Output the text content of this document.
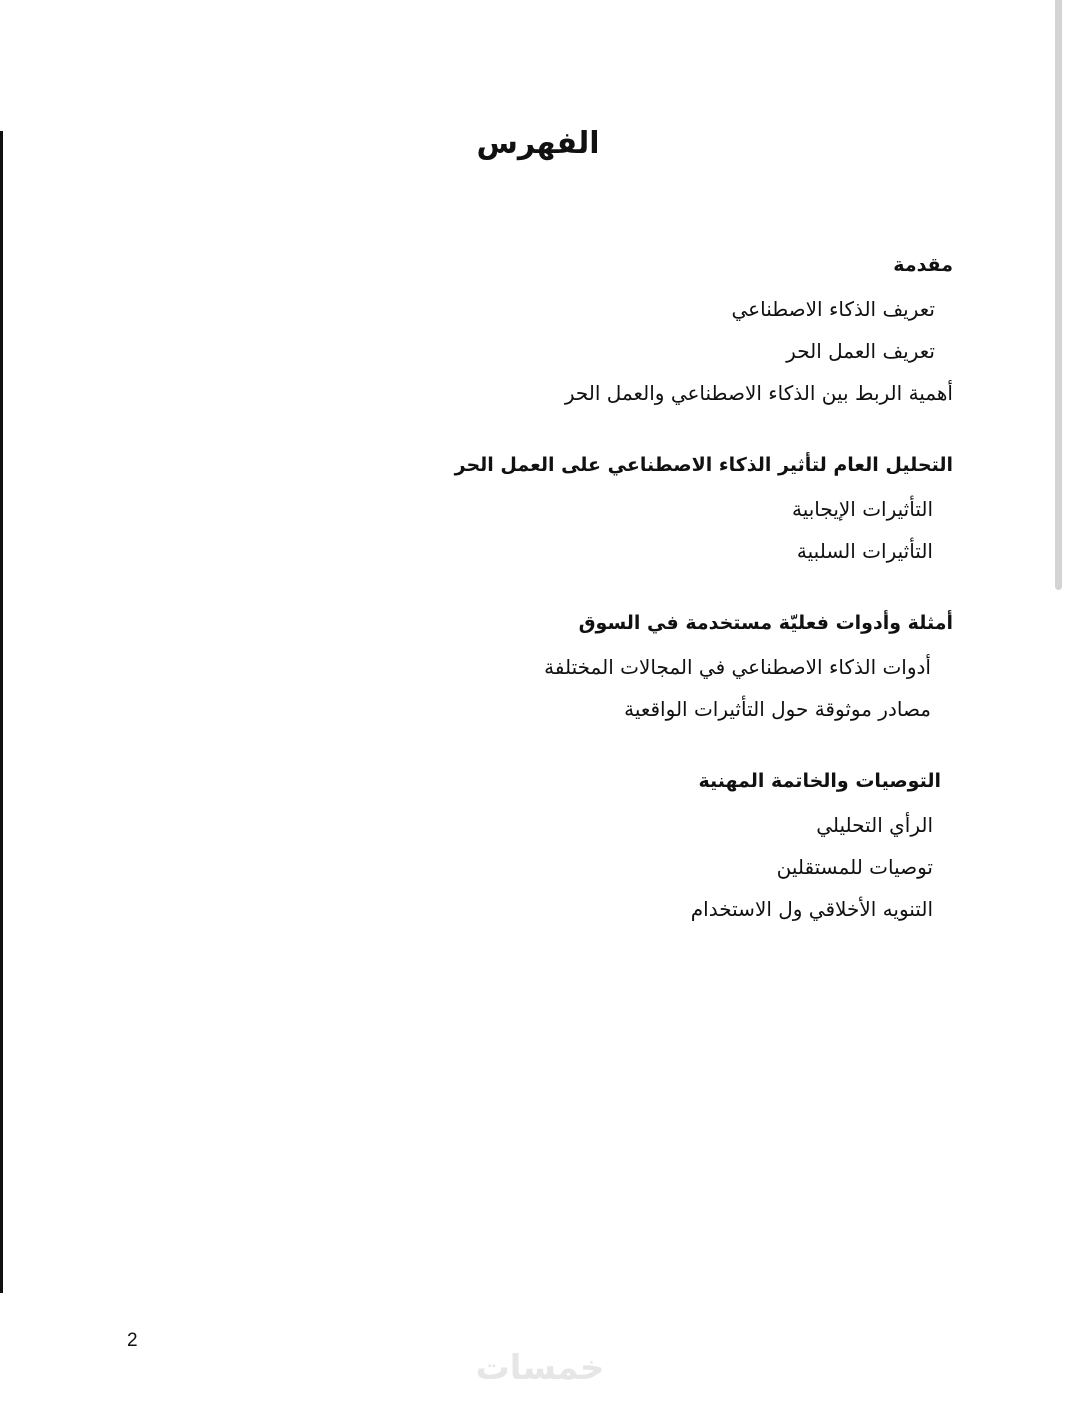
الفهرس
مقدمة
تعريف الذكاء الاصطناعي
تعريف العمل الحر
أهمية الربط بين الذكاء الاصطناعي والعمل الحر
التحليل العام لتأثير الذكاء الاصطناعي على العمل الحر
التأثيرات الإيجابية
التأثيرات السلبية
أمثلة وأدوات فعليّة مستخدمة في السوق
أدوات الذكاء الاصطناعي في المجالات المختلفة
مصادر موثوقة حول التأثيرات الواقعية
التوصيات والخاتمة المهنية
الرأي التحليلي
توصيات للمستقلين
التنويه الأخلاقي ول الاستخدام
2
خمسات
